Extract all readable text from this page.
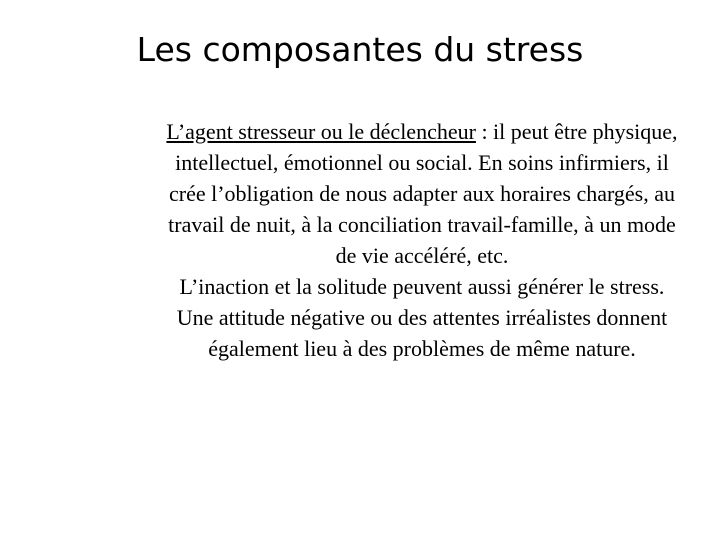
Les composantes du stress

L’agent stresseur ou le déclencheur : il peut être physique, intellectuel, émotionnel ou social. En soins infirmiers, il crée l’obligation de nous adapter aux horaires chargés, au travail de nuit, à la conciliation travail-famille, à un mode de vie accéléré, etc.

L’inaction et la solitude peuvent aussi générer le stress. Une attitude négative ou des attentes irréalistes donnent également lieu à des problèmes de même nature.
